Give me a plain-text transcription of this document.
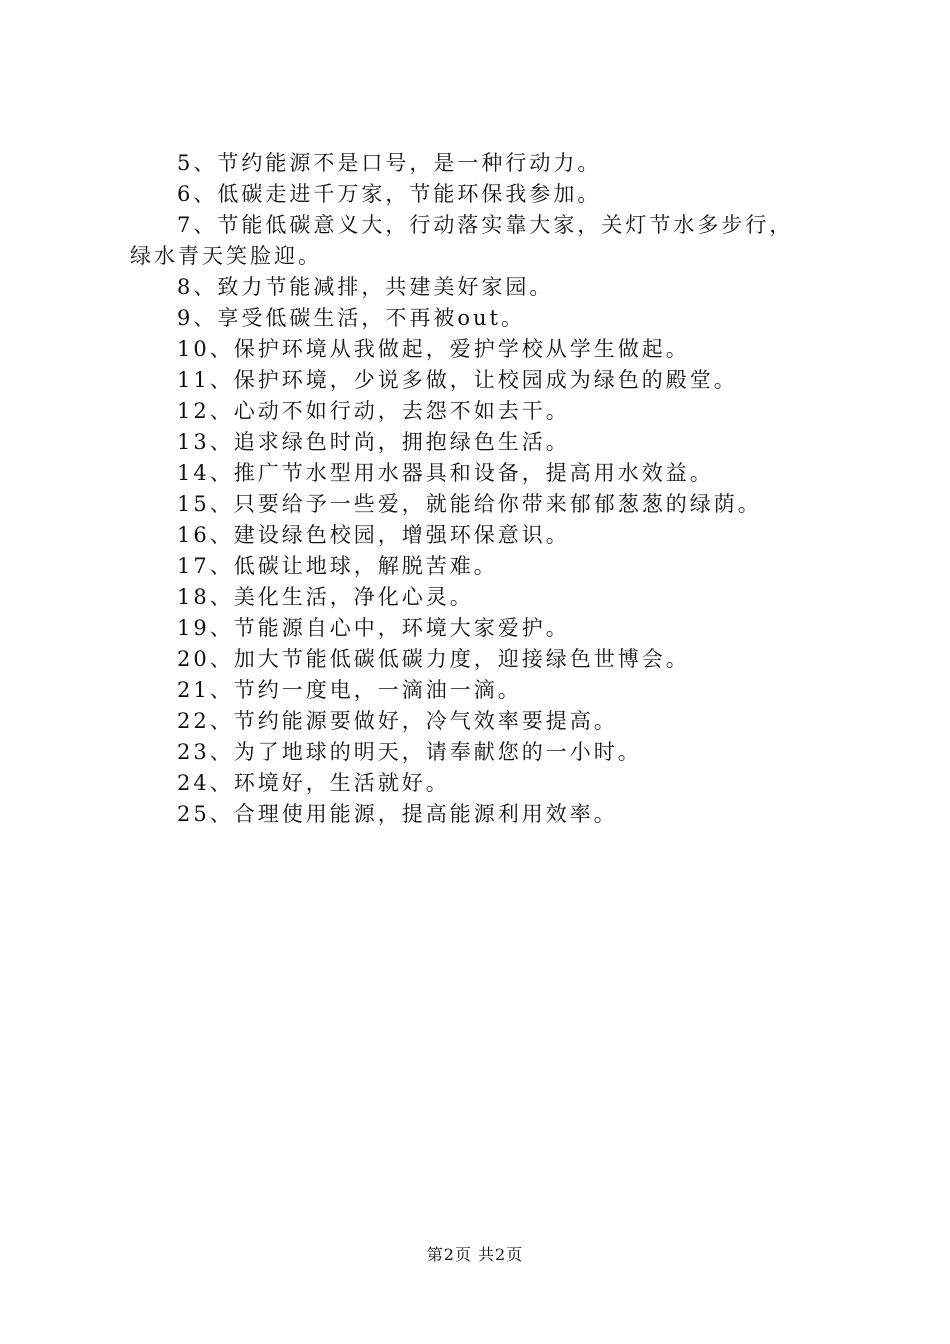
5、节约能源不是口号，是一种行动力。
6、低碳走进千万家，节能环保我参加。
7、节能低碳意义大，行动落实靠大家，关灯节水多步行，
绿水青天笑脸迎。
8、致力节能减排，共建美好家园。
9、享受低碳生活，不再被out。
10、保护环境从我做起，爱护学校从学生做起。
11、保护环境，少说多做，让校园成为绿色的殿堂。
12、心动不如行动，去怨不如去干。
13、追求绿色时尚，拥抱绿色生活。
14、推广节水型用水器具和设备，提高用水效益。
15、只要给予一些爱，就能给你带来郁郁葱葱的绿荫。
16、建设绿色校园，增强环保意识。
17、低碳让地球，解脱苦难。
18、美化生活，净化心灵。
19、节能源自心中，环境大家爱护。
20、加大节能低碳低碳力度，迎接绿色世博会。
21、节约一度电，一滴油一滴。
22、节约能源要做好，冷气效率要提高。
23、为了地球的明天，请奉献您的一小时。
24、环境好，生活就好。
25、合理使用能源，提高能源利用效率。
第2页 共2页
